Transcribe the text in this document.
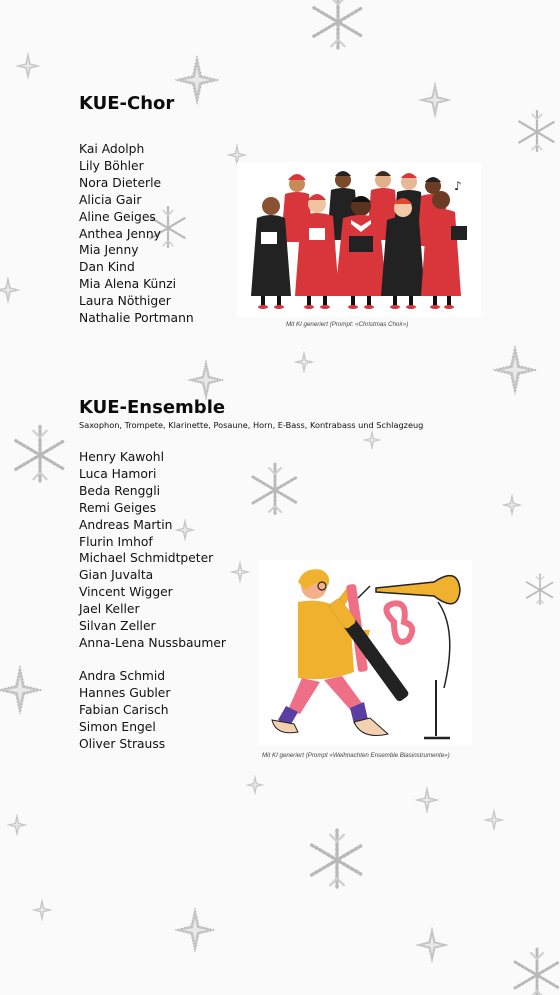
KUE-Chor
Kai Adolph
Lily Böhler
Nora Dieterle
Alicia Gair
Aline Geiges
Anthea Jenny
Mia Jenny
Dan Kind
Mia Alena Künzi
Laura Nöthiger
Nathalie Portmann
♪
Mit KI generiert (Prompt: «Christmas Choir»)
KUE-Ensemble
Saxophon, Trompete, Klarinette, Posaune, Horn, E-Bass, Kontrabass und Schlagzeug
Henry Kawohl
Luca Hamori
Beda Renggli
Remi Geiges
Andreas Martin
Flurin Imhof
Michael Schmidtpeter
Gian Juvalta
Vincent Wigger
Jael Keller
Silvan Zeller
Anna-Lena Nussbaumer
Andra Schmid
Hannes Gubler
Fabian Carisch
Simon Engel
Oliver Strauss
Mit KI generiert (Prompt «Weihnachten Ensemble Blasinstrumente»)
